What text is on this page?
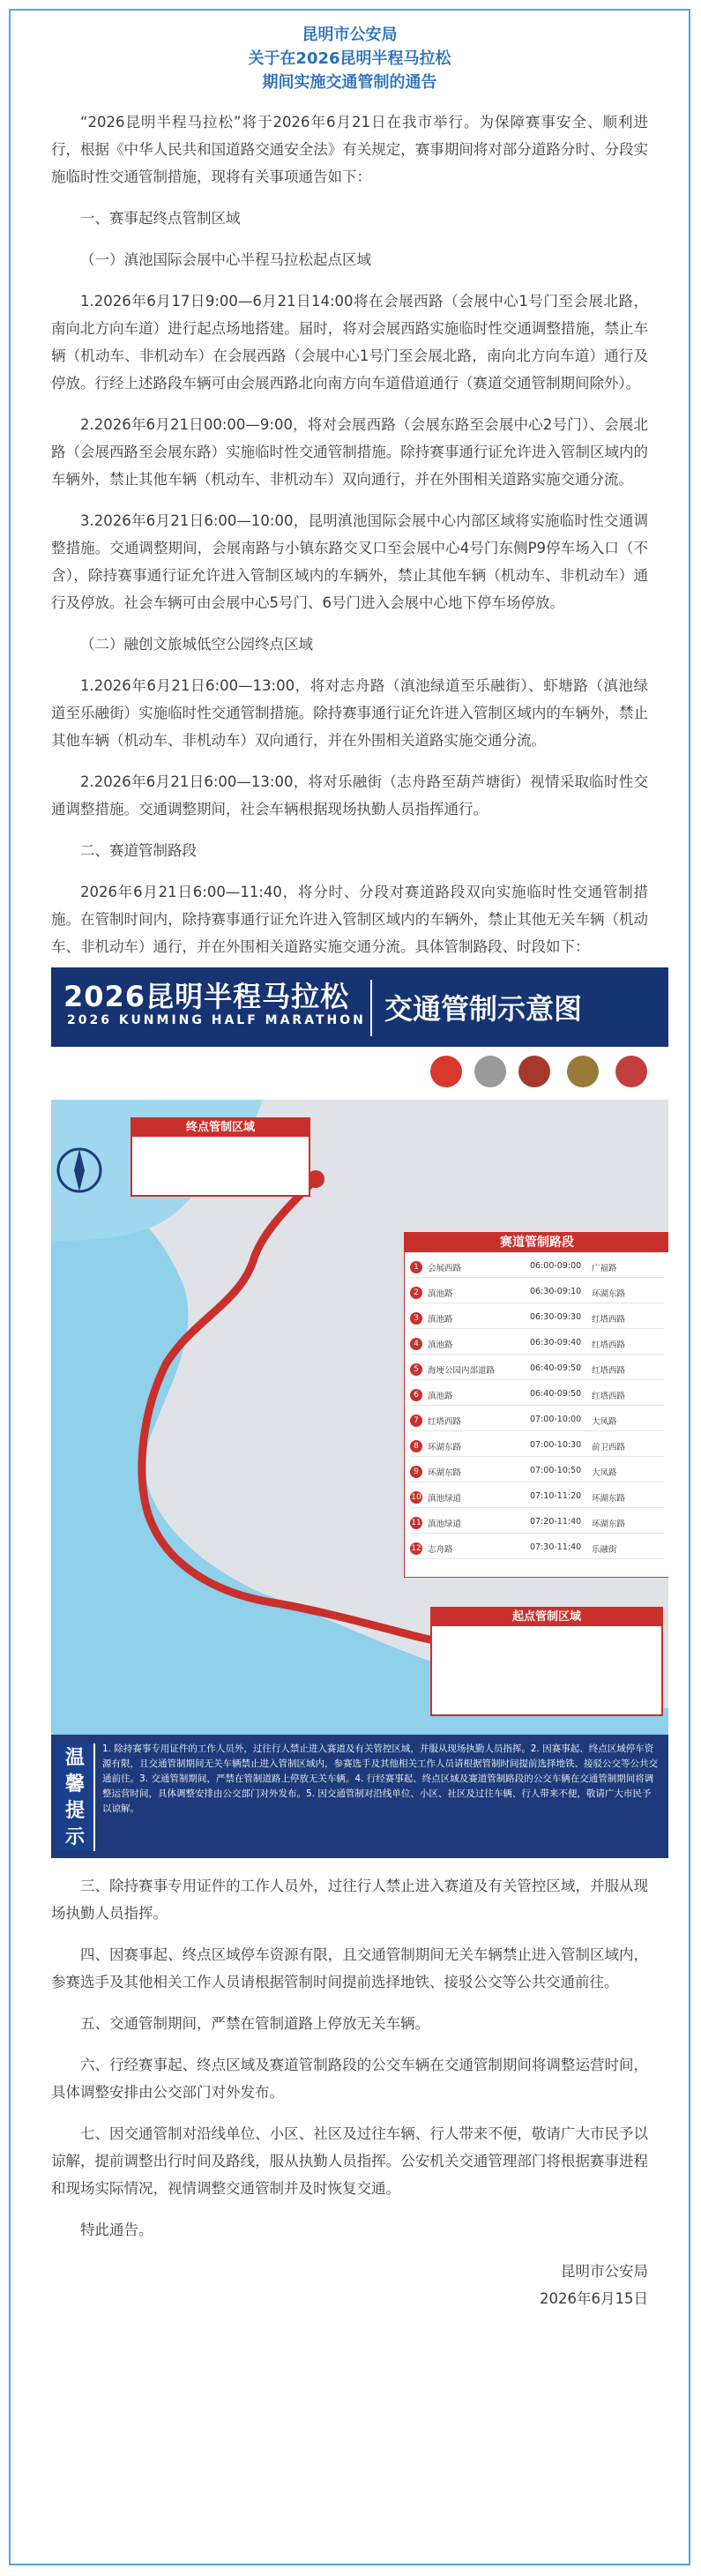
昆明市公安局
关于在2026昆明半程马拉松
期间实施交通管制的通告

“2026昆明半程马拉松”将于2026年6月21日在我市举行。为保障赛事安全、顺利进行，根据《中华人民共和国道路交通安全法》有关规定，赛事期间将对部分道路分时、分段实施临时性交通管制措施，现将有关事项通告如下：

一、赛事起终点管制区域

（一）滇池国际会展中心半程马拉松起点区域

1.2026年6月17日9:00—6月21日14:00将在会展西路（会展中心1号门至会展北路，南向北方向车道）进行起点场地搭建。届时，将对会展西路实施临时性交通调整措施，禁止车辆（机动车、非机动车）在会展西路（会展中心1号门至会展北路，南向北方向车道）通行及停放。行经上述路段车辆可由会展西路北向南方向车道借道通行（赛道交通管制期间除外）。

2.2026年6月21日00:00—9:00，将对会展西路（会展东路至会展中心2号门）、会展北路（会展西路至会展东路）实施临时性交通管制措施。除持赛事通行证允许进入管制区域内的车辆外，禁止其他车辆（机动车、非机动车）双向通行，并在外围相关道路实施交通分流。

3.2026年6月21日6:00—10:00，昆明滇池国际会展中心内部区域将实施临时性交通调整措施。交通调整期间，会展南路与小镇东路交叉口至会展中心4号门东侧P9停车场入口（不含），除持赛事通行证允许进入管制区域内的车辆外，禁止其他车辆（机动车、非机动车）通行及停放。社会车辆可由会展中心5号门、6号门进入会展中心地下停车场停放。

（二）融创文旅城低空公园终点区域

1.2026年6月21日6:00—13:00，将对志舟路（滇池绿道至乐融街）、虾塘路（滇池绿道至乐融街）实施临时性交通管制措施。除持赛事通行证允许进入管制区域内的车辆外，禁止其他车辆（机动车、非机动车）双向通行，并在外围相关道路实施交通分流。

2.2026年6月21日6:00—13:00，将对乐融街（志舟路至葫芦塘街）视情采取临时性交通调整措施。交通调整期间，社会车辆根据现场执勤人员指挥通行。

二、赛道管制路段

2026年6月21日6:00—11:40，将分时、分段对赛道路段双向实施临时性交通管制措施。在管制时间内，除持赛事通行证允许进入管制区域内的车辆外，禁止其他无关车辆（机动车、非机动车）通行，并在外围相关道路实施交通分流。具体管制路段、时段如下：

2026昆明半程马拉松
2026 KUNMING HALF MARATHON 交通管制示意图
终点管制区域
起点管制区域
赛道管制路段
1	会展西路	06:00-09:00	广福路
2	滇池路	06:30-09:10	环湖东路
3	滇池路	06:30-09:30	红塔西路
4	滇池路	06:30-09:40	红塔西路
5	海埂公园内部道路	06:40-09:50	红塔西路
6	滇池路	06:40-09:50	红塔西路
7	红塔西路	07:00-10:00	大凤路
8	环湖东路	07:00-10:30	前卫西路
9	环湖东路	07:00-10:50	大凤路
10 滇池绿道	07:10-11:20	环湖东路
11 滇池绿道	07:20-11:40	环湖东路
12 志舟路	07:30-11:40	乐融街
温馨提示
1. 除持赛事专用证件的工作人员外，过往行人禁止进入赛道及有关管控区域，并服从现场执勤人员指挥。2. 因赛事起、终点区域停车资源有限，且交通管制期间无关车辆禁止进入管制区域内，参赛选手及其他相关工作人员请根据管制时间提前选择地铁、接驳公交等公共交通前往。3. 交通管制期间，严禁在管制道路上停放无关车辆。4. 行经赛事起、终点区域及赛道管制路段的公交车辆在交通管制期间将调整运营时间，具体调整安排由公交部门对外发布。5. 因交通管制对沿线单位、小区、社区及过往车辆、行人带来不便，敬请广大市民予以谅解。

三、除持赛事专用证件的工作人员外，过往行人禁止进入赛道及有关管控区域，并服从现场执勤人员指挥。

四、因赛事起、终点区域停车资源有限，且交通管制期间无关车辆禁止进入管制区域内，参赛选手及其他相关工作人员请根据管制时间提前选择地铁、接驳公交等公共交通前往。

五、交通管制期间，严禁在管制道路上停放无关车辆。

六、行经赛事起、终点区域及赛道管制路段的公交车辆在交通管制期间将调整运营时间，具体调整安排由公交部门对外发布。

七、因交通管制对沿线单位、小区、社区及过往车辆、行人带来不便，敬请广大市民予以谅解，提前调整出行时间及路线，服从执勤人员指挥。公安机关交通管理部门将根据赛事进程和现场实际情况，视情调整交通管制并及时恢复交通。

特此通告。

昆明市公安局
2026年6月15日
